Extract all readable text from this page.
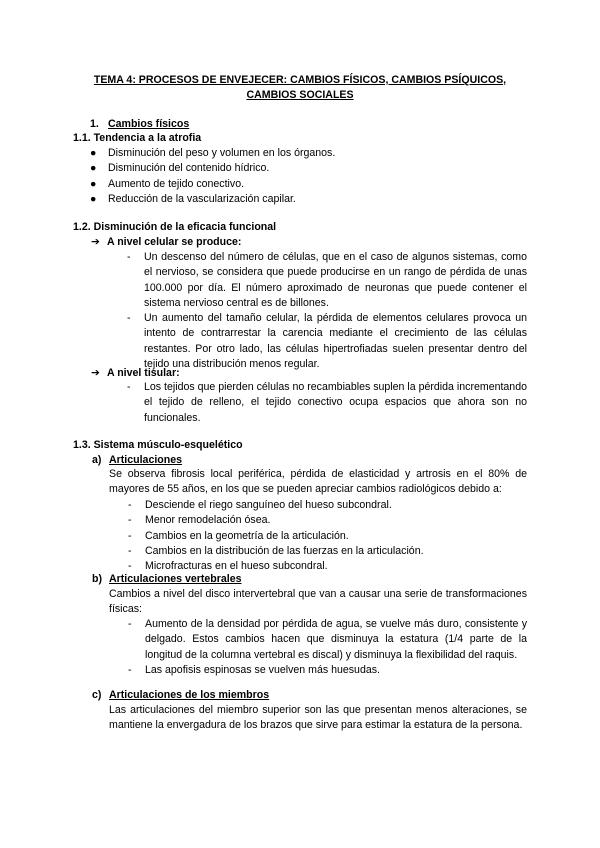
TEMA 4: PROCESOS DE ENVEJECER: CAMBIOS FÍSICOS, CAMBIOS PSÍQUICOS, CAMBIOS SOCIALES
1. Cambios físicos
1.1. Tendencia a la atrofia
● Disminución del peso y volumen en los órganos.
● Disminución del contenido hídrico.
● Aumento de tejido conectivo.
● Reducción de la vascularización capilar.
1.2. Disminución de la eficacia funcional
➔ A nivel celular se produce:
- Un descenso del número de células, que en el caso de algunos sistemas, como el nervioso, se considera que puede producirse en un rango de pérdida de unas 100.000 por día. El número aproximado de neuronas que puede contener el sistema nervioso central es de billones.
- Un aumento del tamaño celular, la pérdida de elementos celulares provoca un intento de contrarrestar la carencia mediante el crecimiento de las células restantes. Por otro lado, las células hipertrofiadas suelen presentar dentro del tejido una distribución menos regular.
➔ A nivel tisular:
- Los tejidos que pierden células no recambiables suplen la pérdida incrementando el tejido de relleno, el tejido conectivo ocupa espacios que ahora son no funcionales.
1.3. Sistema músculo-esquelético
a) Articulaciones
Se observa fibrosis local periférica, pérdida de elasticidad y artrosis en el 80% de mayores de 55 años, en los que se pueden apreciar cambios radiológicos debido a:
- Desciende el riego sanguíneo del hueso subcondral.
- Menor remodelación ósea.
- Cambios en la geometría de la articulación.
- Cambios en la distribución de las fuerzas en la articulación.
- Microfracturas en el hueso subcondral.
b) Articulaciones vertebrales
Cambios a nivel del disco intervertebral que van a causar una serie de transformaciones físicas:
- Aumento de la densidad por pérdida de agua, se vuelve más duro, consistente y delgado. Estos cambios hacen que disminuya la estatura (1/4 parte de la longitud de la columna vertebral es discal) y disminuya la flexibilidad del raquis.
- Las apofisis espinosas se vuelven más huesudas.
c) Articulaciones de los miembros
Las articulaciones del miembro superior son las que presentan menos alteraciones, se mantiene la envergadura de los brazos que sirve para estimar la estatura de la persona.
